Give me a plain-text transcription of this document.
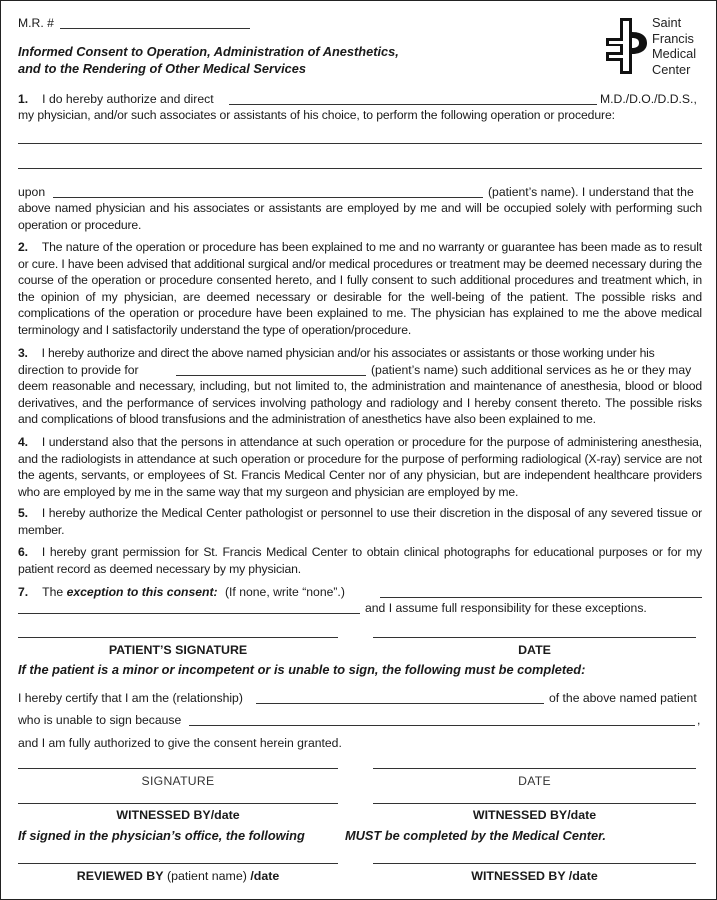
M.R. #
Informed Consent to Operation, Administration of Anesthetics,
and to the Rendering of Other Medical Services
Saint
Francis
Medical
Center
1. I do hereby authorize and direct	M.D./D.O./D.D.S.,
my physician, and/or such associates or assistants of his choice, to perform the following operation or procedure:
upon	(patient’s name). I understand that the
above named physician and his associates or assistants are employed by me and will be occupied solely with performing such operation or procedure.
2. The nature of the operation or procedure has been explained to me and no warranty or guarantee has been made as to result or cure. I have been advised that additional surgical and/or medical procedures or treatment may be deemed necessary during the course of the operation or procedure consented hereto, and I fully consent to such additional procedures and treatment which, in the opinion of my physician, are deemed necessary or desirable for the well-being of the patient. The possible risks and complications of the operation or procedure have been explained to me. The physician has explained to me the above medical terminology and I satisfactorily understand the type of operation/procedure.
3. I hereby authorize and direct the above named physician and/or his associates or assistants or those working under his
direction to provide for	(patient’s name) such additional services as he or they may
deem reasonable and necessary, including, but not limited to, the administration and maintenance of anesthesia, blood or blood derivatives, and the performance of services involving pathology and radiology and I hereby consent thereto. The possible risks and complications of blood transfusions and the administration of anesthetics have also been explained to me.
4. I understand also that the persons in attendance at such operation or procedure for the purpose of administering anesthesia, and the radiologists in attendance at such operation or procedure for the purpose of performing radiological (X-ray) service are not the agents, servants, or employees of St. Francis Medical Center nor of any physician, but are independent healthcare providers who are employed by me in the same way that my surgeon and physician are employed by me.
5. I hereby authorize the Medical Center pathologist or personnel to use their discretion in the disposal of any severed tissue or member.
6. I hereby grant permission for St. Francis Medical Center to obtain clinical photographs for educational purposes or for my patient record as deemed necessary by my physician.
7. The exception to this consent: (If none, write “none”.)
and I assume full responsibility for these exceptions.
PATIENT’S SIGNATURE	DATE
If the patient is a minor or incompetent or is unable to sign, the following must be completed:
I hereby certify that I am the (relationship)	of the above named patient
who is unable to sign because	,
and I am fully authorized to give the consent herein granted.
SIGNATURE	DATE
WITNESSED BY/date	WITNESSED BY/date
If signed in the physician’s office, the following	MUST be completed by the Medical Center.
REVIEWED BY (patient name) /date	WITNESSED BY /date
